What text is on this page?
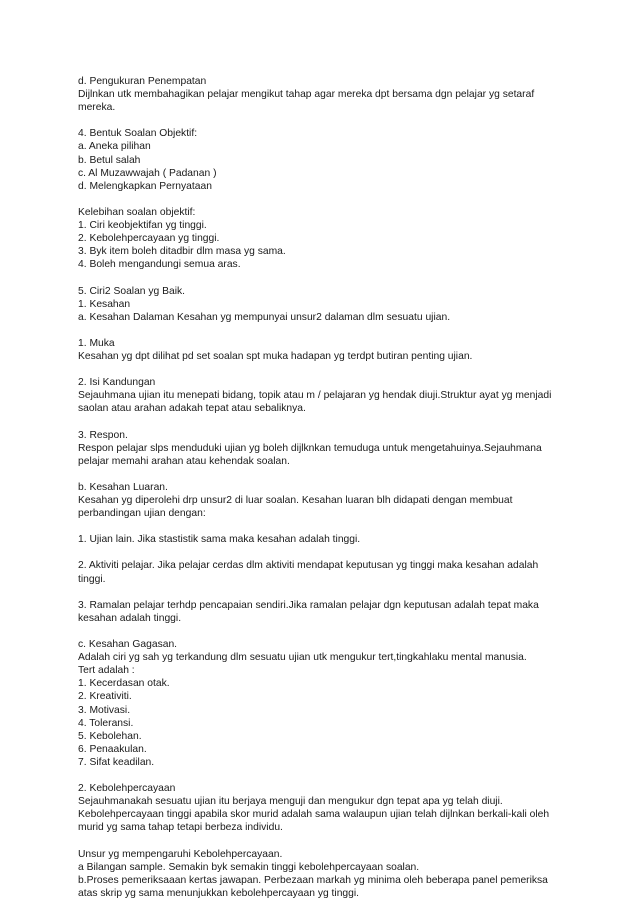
d. Pengukuran Penempatan
Dijlnkan utk membahagikan pelajar mengikut tahap agar mereka dpt bersama dgn pelajar yg setaraf
mereka.
4. Bentuk Soalan Objektif:
a. Aneka pilihan
b. Betul salah
c. Al Muzawwajah ( Padanan )
d. Melengkapkan Pernyataan
Kelebihan soalan objektif:
1. Ciri keobjektifan yg tinggi.
2. Kebolehpercayaan yg tinggi.
3. Byk item boleh ditadbir dlm masa yg sama.
4. Boleh mengandungi semua aras.
5. Ciri2 Soalan yg Baik.
1. Kesahan
a. Kesahan Dalaman Kesahan yg mempunyai unsur2 dalaman dlm sesuatu ujian.
1. Muka
Kesahan yg dpt dilihat pd set soalan spt muka hadapan yg terdpt butiran penting ujian.
2. Isi Kandungan
Sejauhmana ujian itu menepati bidang, topik atau m / pelajaran yg hendak diuji.Struktur ayat yg menjadi
saolan atau arahan adakah tepat atau sebaliknya.
3. Respon.
Respon pelajar slps menduduki ujian yg boleh dijlknkan temuduga untuk mengetahuinya.Sejauhmana
pelajar memahi arahan atau kehendak soalan.
b. Kesahan Luaran.
Kesahan yg diperolehi drp unsur2 di luar soalan. Kesahan luaran blh didapati dengan membuat
perbandingan ujian dengan:
1. Ujian lain. Jika stastistik sama maka kesahan adalah tinggi.
2. Aktiviti pelajar. Jika pelajar cerdas dlm aktiviti mendapat keputusan yg tinggi maka kesahan adalah
tinggi.
3. Ramalan pelajar terhdp pencapaian sendiri.Jika ramalan pelajar dgn keputusan adalah tepat maka
kesahan adalah tinggi.
c. Kesahan Gagasan.
Adalah ciri yg sah yg terkandung dlm sesuatu ujian utk mengukur tert,tingkahlaku mental manusia.
Tert adalah :
1. Kecerdasan otak.
2. Kreativiti.
3. Motivasi.
4. Toleransi.
5. Kebolehan.
6. Penaakulan.
7. Sifat keadilan.
2. Kebolehpercayaan
Sejauhmanakah sesuatu ujian itu berjaya menguji dan mengukur dgn tepat apa yg telah diuji.
Kebolehpercayaan tinggi apabila skor murid adalah sama walaupun ujian telah dijlnkan berkali-kali oleh
murid yg sama tahap tetapi berbeza individu.
Unsur yg mempengaruhi Kebolehpercayaan.
a Bilangan sample. Semakin byk semakin tinggi kebolehpercayaan soalan.
b.Proses pemeriksaaan kertas jawapan. Perbezaan markah yg minima oleh beberapa panel pemeriksa
atas skrip yg sama menunjukkan kebolehpercayaan yg tinggi.
